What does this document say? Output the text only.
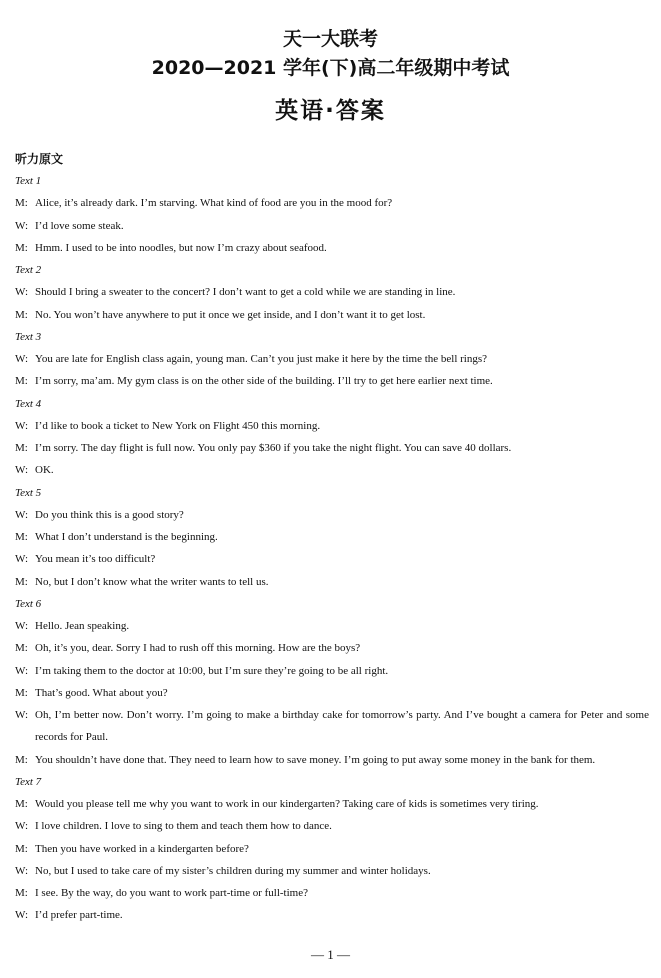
天一大联考
2020—2021 学年(下)高二年级期中考试
英语·答案
听力原文
Text 1
M: Alice, it’s already dark. I’m starving. What kind of food are you in the mood for?
W: I’d love some steak.
M: Hmm. I used to be into noodles, but now I’m crazy about seafood.
Text 2
W: Should I bring a sweater to the concert? I don’t want to get a cold while we are standing in line.
M: No. You won’t have anywhere to put it once we get inside, and I don’t want it to get lost.
Text 3
W: You are late for English class again, young man. Can’t you just make it here by the time the bell rings?
M: I’m sorry, ma’am. My gym class is on the other side of the building. I’ll try to get here earlier next time.
Text 4
W: I’d like to book a ticket to New York on Flight 450 this morning.
M: I’m sorry. The day flight is full now. You only pay $360 if you take the night flight. You can save 40 dollars.
W: OK.
Text 5
W: Do you think this is a good story?
M: What I don’t understand is the beginning.
W: You mean it’s too difficult?
M: No, but I don’t know what the writer wants to tell us.
Text 6
W: Hello. Jean speaking.
M: Oh, it’s you, dear. Sorry I had to rush off this morning. How are the boys?
W: I’m taking them to the doctor at 10:00, but I’m sure they’re going to be all right.
M: That’s good. What about you?
W: Oh, I’m better now. Don’t worry. I’m going to make a birthday cake for tomorrow’s party. And I’ve bought a camera for Peter and some records for Paul.
M: You shouldn’t have done that. They need to learn how to save money. I’m going to put away some money in the bank for them.
Text 7
M: Would you please tell me why you want to work in our kindergarten? Taking care of kids is sometimes very tiring.
W: I love children. I love to sing to them and teach them how to dance.
M: Then you have worked in a kindergarten before?
W: No, but I used to take care of my sister’s children during my summer and winter holidays.
M: I see. By the way, do you want to work part-time or full-time?
W: I’d prefer part-time.
— 1 —
